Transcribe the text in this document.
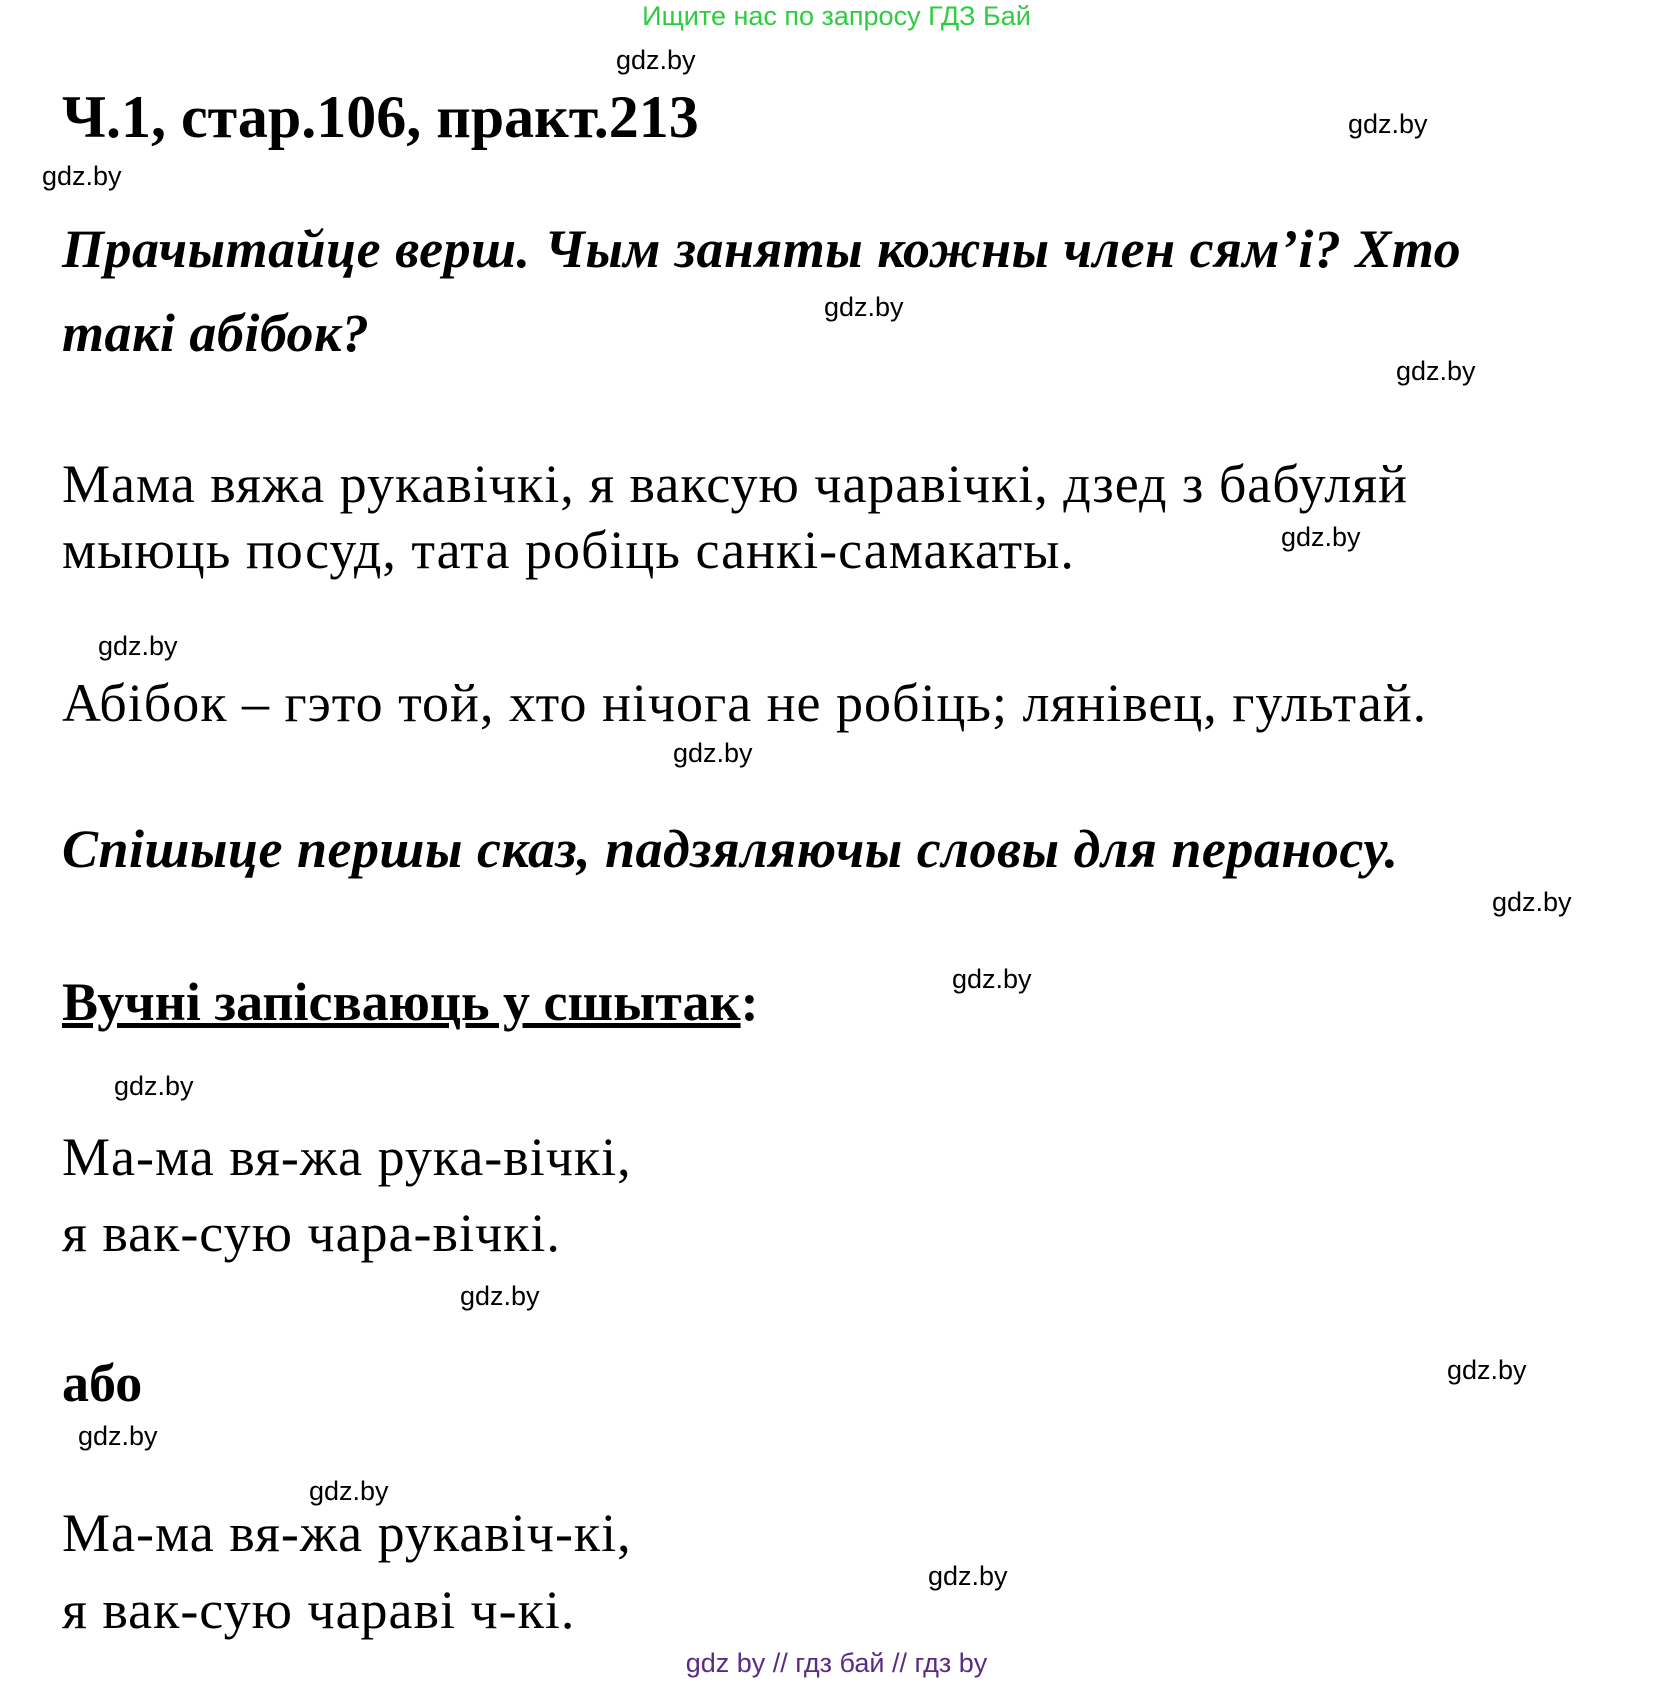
Ищите нас по запросу ГДЗ Бай
Ч.1, стар.106, практ.213
Прачытайце верш. Чым заняты кожны член сям’і? Хто
такі абібок?
Мама вяжа рукавічкі, я ваксую чаравічкі, дзед з бабуляй
мыюць посуд, тата робіць санкі-самакаты.
Абібок – гэто той, хто нічога не робіць; лянівец, гультай.
Спішыце першы сказ, падзяляючы словы для пераносу.
Вучні запісваюць у сшытак:
Ма-ма вя-жа рука-вічкі,
я вак-сую чара-вічкі.
або
Ма-ма вя-жа рукавіч-кі,
я вак-сую чараві ч-кі.
gdz.by
gdz.by
gdz.by
gdz.by
gdz.by
gdz.by
gdz.by
gdz.by
gdz.by
gdz.by
gdz.by
gdz.by
gdz.by
gdz.by
gdz.by
gdz.by
gdz by // гдз бай // гдз by
